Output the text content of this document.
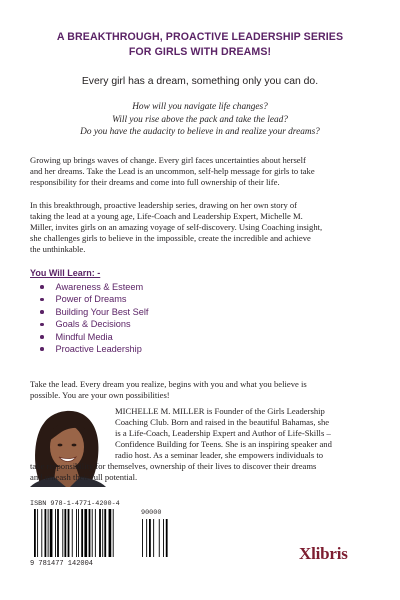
A BREAKTHROUGH, PROACTIVE LEADERSHIP SERIES
FOR GIRLS WITH DREAMS!
Every girl has a dream, something only you can do.
How will you navigate life changes?
Will you rise above the pack and take the lead?
Do you have the audacity to believe in and realize your dreams?
Growing up brings waves of change. Every girl faces uncertainties about herself
and her dreams. Take the Lead is an uncommon, self-help message for girls to take
responsibility for their dreams and come into full ownership of their life.
In this breakthrough, proactive leadership series, drawing on her own story of
taking the lead at a young age, Life-Coach and Leadership Expert, Michelle M.
Miller, invites girls on an amazing voyage of self-discovery. Using Coaching insight,
she challenges girls to believe in the impossible, create the incredible and achieve
the unthinkable.
You Will Learn: -
Awareness & Esteem
Power of Dreams
Building Your Best Self
Goals & Decisions
Mindful Media
Proactive Leadership
Take the lead. Every dream you realize, begins with you and what you believe is
possible. You are your own possibilities!
MICHELLE M. MILLER is Founder of the Girls Leadership
Coaching Club. Born and raised in the beautiful Bahamas, she
is a Life-Coach, Leadership Expert and Author of Life-Skills –
Confidence Building for Teens. She is an inspiring speaker and
radio host. As a seminar leader, she empowers individuals to
take responsibility for themselves, ownership of their lives to discover their dreams
and unleash their full potential.
ISBN 978-1-4771-4200-4
90000
9 781477 142004
Xlibris
